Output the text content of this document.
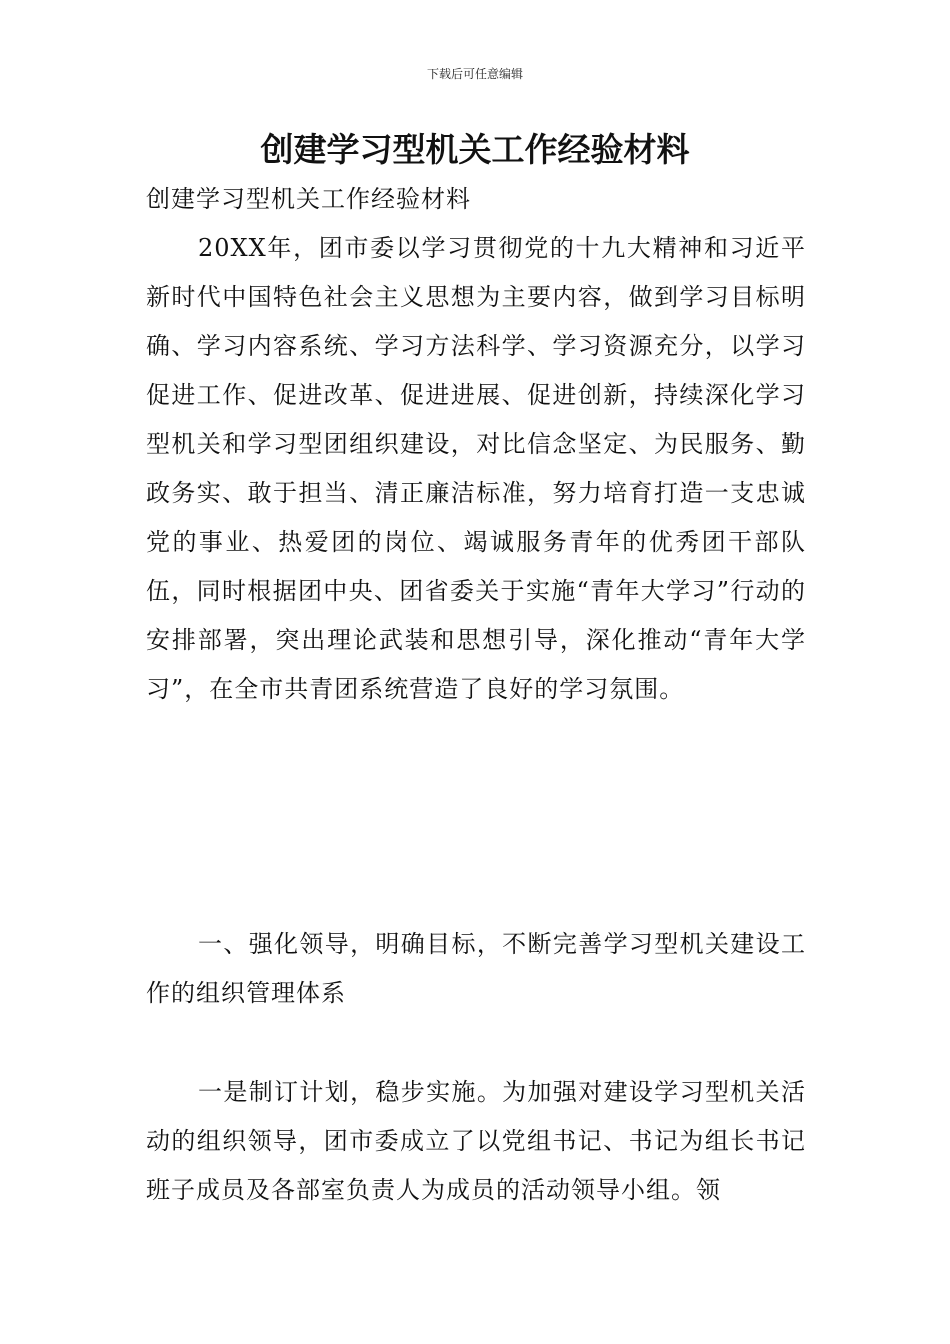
下载后可任意编辑
创建学习型机关工作经验材料

创建学习型机关工作经验材料

20XX年，团市委以学习贯彻党的十九大精神和习近平新时代中国特色社会主义思想为主要内容，做到学习目标明确、学习内容系统、学习方法科学、学习资源充分，以学习促进工作、促进改革、促进进展、促进创新，持续深化学习型机关和学习型团组织建设，对比信念坚定、为民服务、勤政务实、敢于担当、清正廉洁标准，努力培育打造一支忠诚党的事业、热爱团的岗位、竭诚服务青年的优秀团干部队伍，同时根据团中央、团省委关于实施“青年大学习”行动的安排部署，突出理论武装和思想引导，深化推动“青年大学习”，在全市共青团系统营造了良好的学习氛围。

一、强化领导，明确目标，不断完善学习型机关建设工作的组织管理体系

一是制订计划，稳步实施。为加强对建设学习型机关活动的组织领导，团市委成立了以党组书记、书记为组长书记班子成员及各部室负责人为成员的活动领导小组。领
